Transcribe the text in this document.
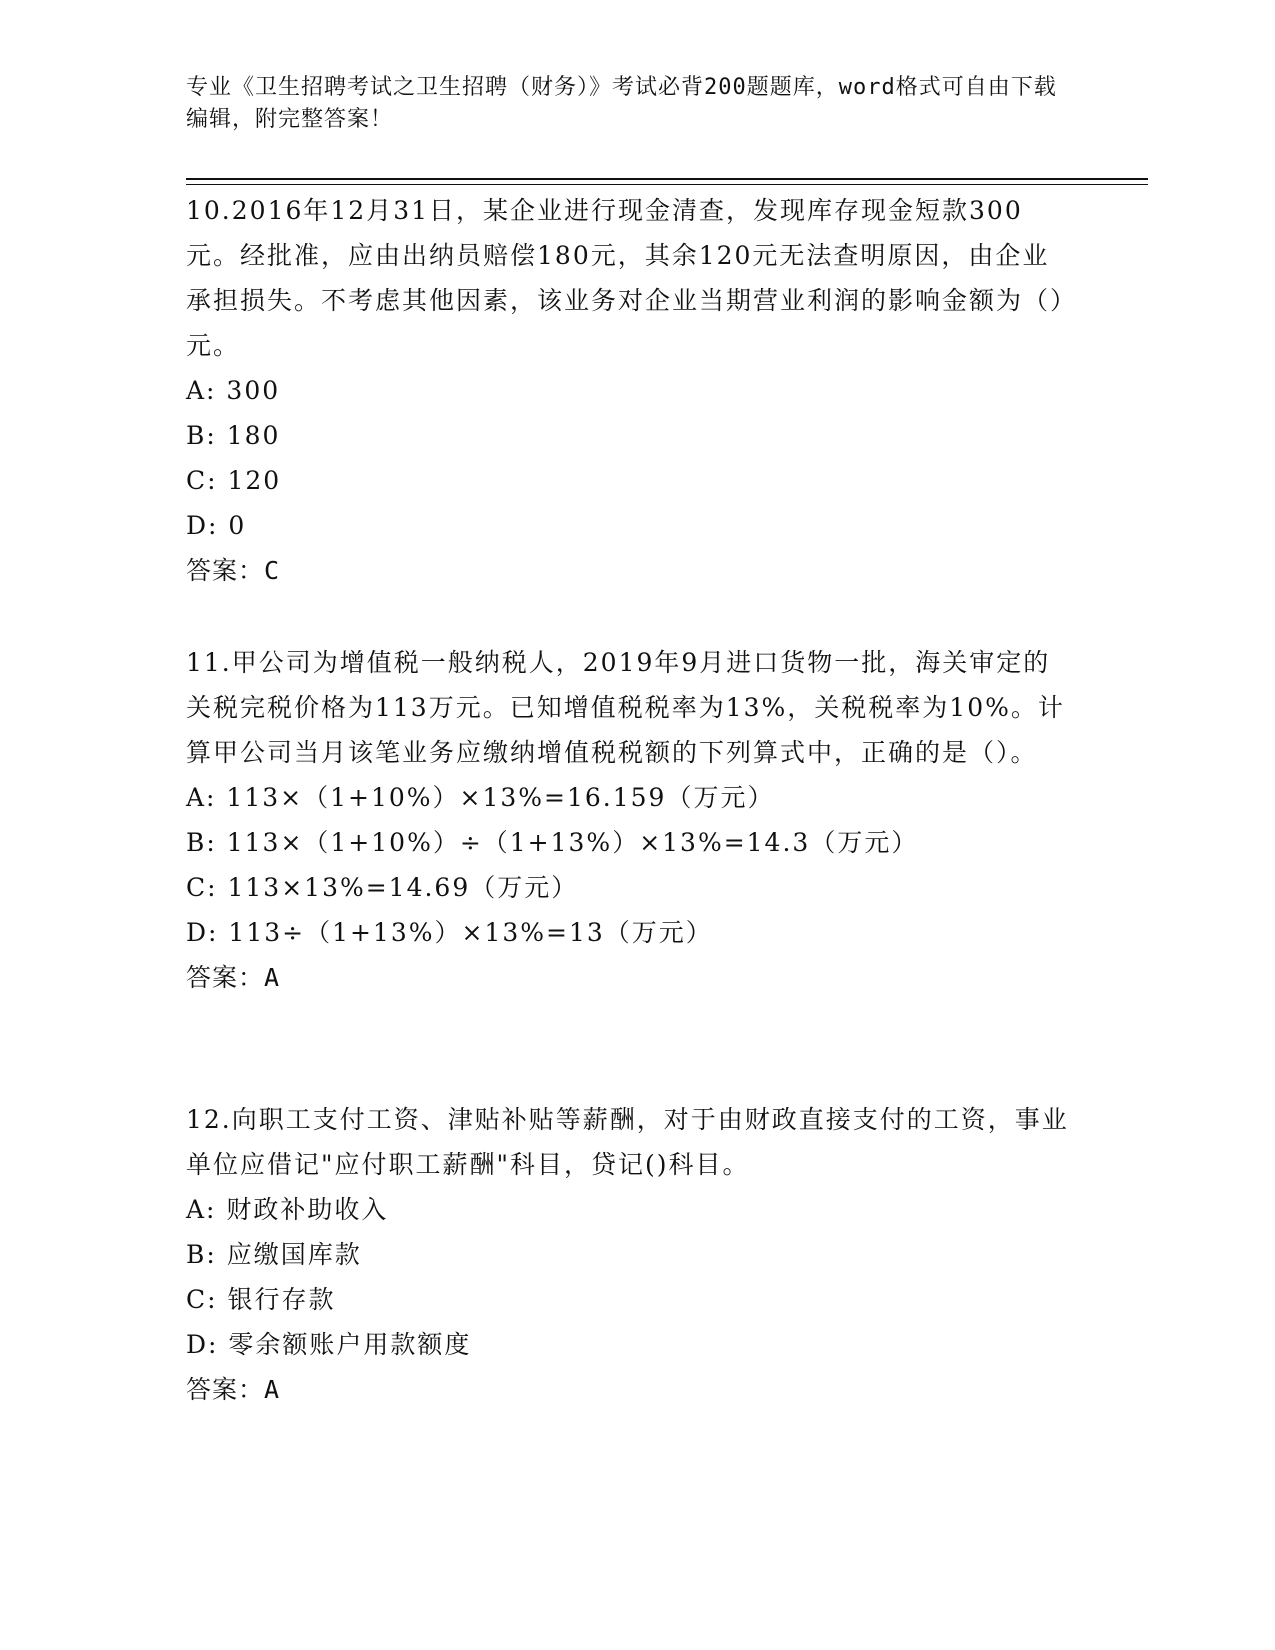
专业《卫生招聘考试之卫生招聘（财务）》考试必背200题题库，word格式可自由下载编辑，附完整答案！

10.2016年12月31日，某企业进行现金清查，发现库存现金短款300元。经批准，应由出纳员赔偿180元，其余120元无法查明原因，由企业承担损失。不考虑其他因素，该业务对企业当期营业利润的影响金额为（）元。

A: 300

B: 180

C: 120

D: 0

答案：C

11.甲公司为增值税一般纳税人，2019年9月进口货物一批，海关审定的关税完税价格为113万元。已知增值税税率为13%，关税税率为10%。计算甲公司当月该笔业务应缴纳增值税税额的下列算式中，正确的是（）。

A: 113×（1+10%）×13%=16.159（万元）

B: 113×（1+10%）÷（1+13%）×13%=14.3（万元）

C: 113×13%=14.69（万元）

D: 113÷（1+13%）×13%=13（万元）

答案：A

12.向职工支付工资、津贴补贴等薪酬，对于由财政直接支付的工资，事业单位应借记"应付职工薪酬"科目，贷记()科目。

A: 财政补助收入

B: 应缴国库款

C: 银行存款

D: 零余额账户用款额度

答案：A
